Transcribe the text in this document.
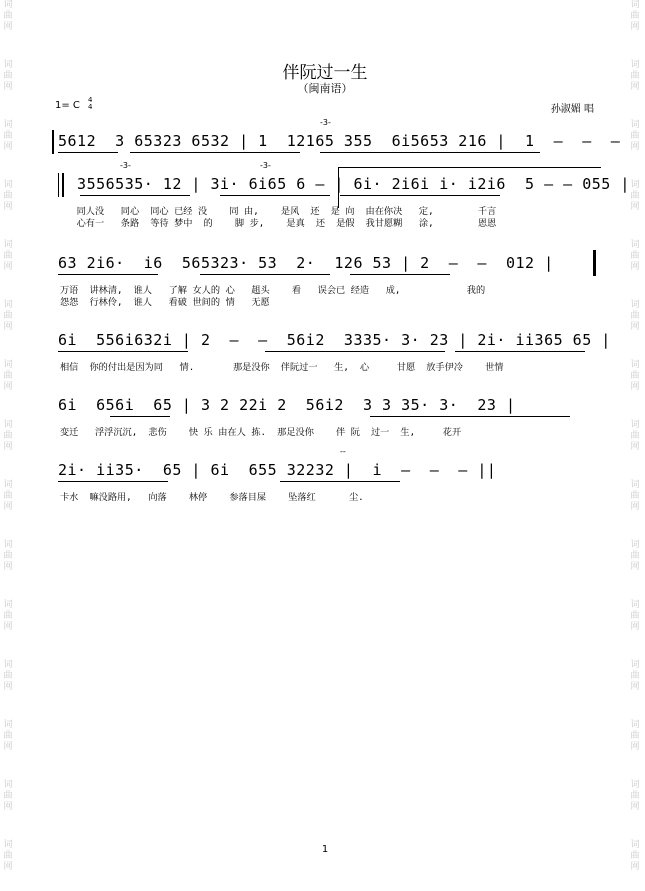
词
曲
网
词
曲
网
词
曲
网
词
曲
网
词
曲
网
词
曲
网
词
曲
网
词
曲
网
词
曲
网
词
曲
网
词
曲
网
词
曲
网
词
曲
网
词
曲
网
词
曲
网
词
曲
网
词
曲
网
词
曲
网
词
曲
网
词
曲
网
词
曲
网
词
曲
网
词
曲
网
词
曲
网
词
曲
网
词
曲
网
词
曲
网
词
曲
网
词
曲
网
词
曲
网
伴阮过一生
（闽南语）
1= C 4
4	孙淑媚 唱
-3-
5612  3 65323 6532 | 1  12165 355  6i5653 216 |  1  —  —  —
-3-	-3-
3556535· 12 | 3i· 6i65 6 — | 6i· 2i6i i· i2i6  5 — — 055 |
同人没   同心  同心 已经 没    同 由,    是风  还  是 向  由在你决   定,        千言
心有一   条路  等待 梦中  的    脚 步,    是真  还  是假  我甘愿糊   涂,        恩恩
63 2i6·  i6  565323· 53  2·  126 53 | 2  —  —  012 |
万语  讲林清,  谁人   了解 女人的 心   趄头    看   误会已 经造   成,            我的
怨怨  行林伶,  谁人   看破 世间的 情   无愿
6i  556i632i | 2  —  —  56i2  3335· 3· 23 | 2i· ii365 65 |
相信  你的付出是因为同   情.       那是没你  伴阮过一   生,  心     甘愿  放手伊冷    世情
6i  656i  65 | 3 2 22i 2  56i2  3 3 35· 3·  23 |
变迁   浮浮沉沉,  悲伤    快 乐 由在人 拣.  那足没你    伴 阮  过一  生,     花开
--
2i· ii35·  65 | 6i  655 32232 |  i  —  —  — ||
卡水  嘛没路用,   向落    林停    参落目屎    坠落红      尘.
1
